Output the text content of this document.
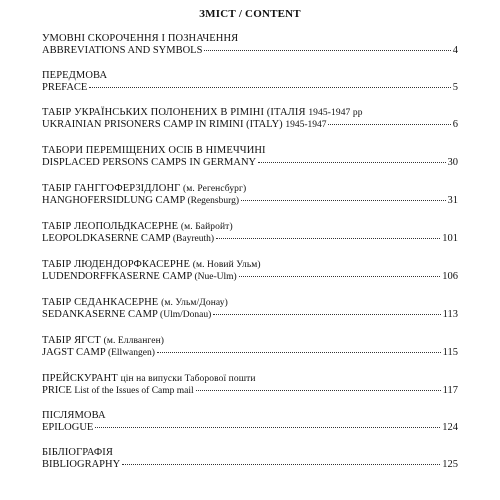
ЗМІСТ / CONTENT
УМОВНІ СКОРОЧЕННЯ І ПОЗНАЧЕННЯ
ABBREVIATIONS AND SYMBOLS	4
ПЕРЕДМОВА
PREFACE	5
ТАБІР УКРАЇНСЬКИХ ПОЛОНЕНИХ В РІМІНІ (ІТАЛІЯ 1945-1947 рр
UKRAINIAN PRISONERS CAMP IN RIMINI (ITALY) 1945-1947	6
ТАБОРИ ПЕРЕМІЩЕНИХ ОСІБ В НІМЕЧЧИНІ
DISPLACED PERSONS CAMPS IN GERMANY	30
ТАБІР ГАНГГОФЕРЗІДЛОНГ (м. Регенсбург)
HANGHOFERSIDLUNG CAMP (Regensburg)	31
ТАБІР ЛЕОПОЛЬДКАСЕРНЕ (м. Байройт)
LEOPOLDKASERNE CAMP (Bayreuth)	101
ТАБІР ЛЮДЕНДОРФКАСЕРНЕ (м. Новий Ульм)
LUDENDORFFKASERNE CAMP (Nue-Ulm)	106
ТАБІР СЕДАНКАСЕРНЕ (м. Ульм/Донау)
SEDANKASERNE CAMP (Ulm/Donau)	113
ТАБІР ЯГСТ (м. Еллванген)
JAGST CAMP (Ellwangen)	115
ПРЕЙСКУРАНТ цін на випуски Таборової пошти
PRICE List of the Issues of Camp mail	117
ПІСЛЯМОВА
EPILOGUE	124
БІБЛІОГРАФІЯ
BIBLIOGRAPHY	125
